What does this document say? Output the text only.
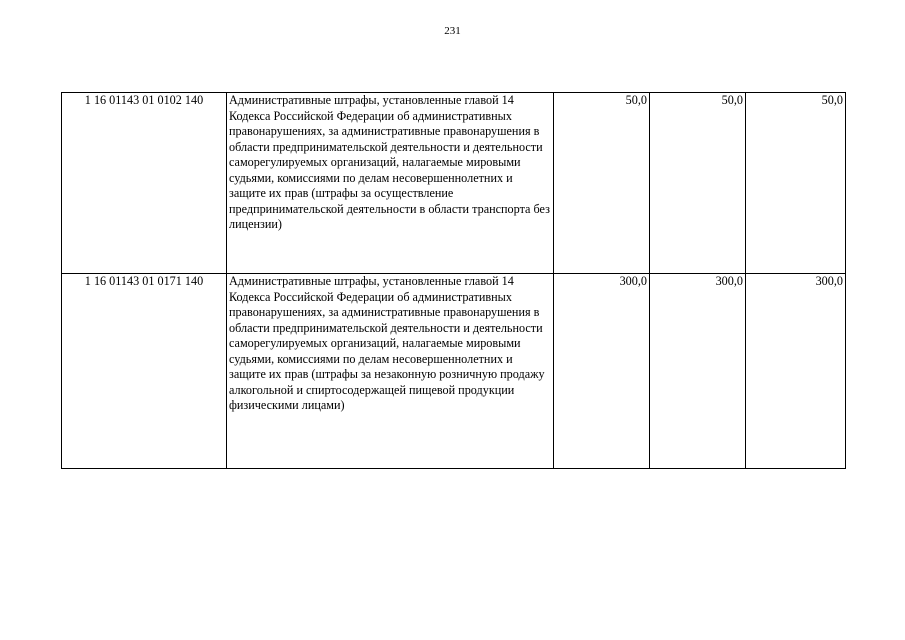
231
1 16 01143 01 0102 140	Административные штрафы, установленные главой 14 Кодекса Российской Федерации об административных правонарушениях, за административные правонарушения в области предпринимательской деятельности и деятельности саморегулируемых организаций, налагаемые мировыми судьями, комиссиями по делам несовершеннолетних и защите их прав (штрафы за осуществление предпринимательской деятельности в области транспорта без лицензии)	50,0	50,0	50,0
1 16 01143 01 0171 140	Административные штрафы, установленные главой 14 Кодекса Российской Федерации об административных правонарушениях, за административные правонарушения в области предпринимательской деятельности и деятельности саморегулируемых организаций, налагаемые мировыми судьями, комиссиями по делам несовершеннолетних и защите их прав (штрафы за незаконную розничную продажу алкогольной и спиртосодержащей пищевой продукции физическими лицами)	300,0	300,0	300,0
